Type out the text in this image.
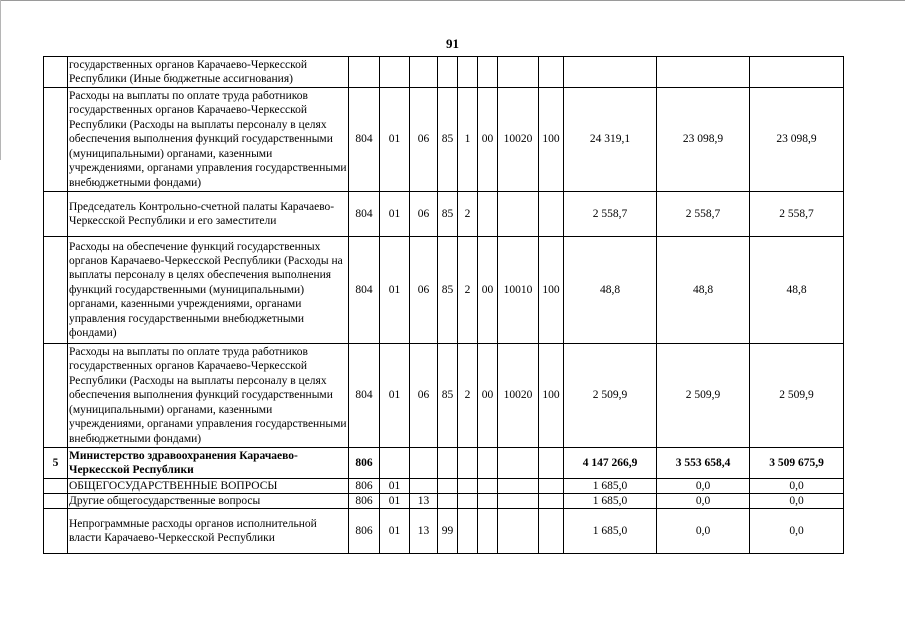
91
	государственных органов Карачаево-Черкесской Республики (Иные бюджетные ассигнования)											
	Расходы на выплаты по оплате труда работников государственных органов Карачаево-Черкесской Республики (Расходы на выплаты персоналу в целях обеспечения выполнения функций государственными (муниципальными) органами, казенными учреждениями, органами управления государственными внебюджетными фондами)	804	01	06	85	1	00	10020	100	24 319,1	23 098,9	23 098,9
	Председатель Контрольно-счетной палаты Карачаево-Черкесской Республики и его заместители	804	01	06	85	2				2 558,7	2 558,7	2 558,7
	Расходы на обеспечение функций государственных органов Карачаево-Черкесской Республики (Расходы на выплаты персоналу в целях обеспечения выполнения функций государственными (муниципальными) органами, казенными учреждениями, органами управления государственными внебюджетными фондами)	804	01	06	85	2	00	10010	100	48,8	48,8	48,8
	Расходы на выплаты по оплате труда работников государственных органов Карачаево-Черкесской Республики (Расходы на выплаты персоналу в целях обеспечения выполнения функций государственными (муниципальными) органами, казенными учреждениями, органами управления государственными внебюджетными фондами)	804	01	06	85	2	00	10020	100	2 509,9	2 509,9	2 509,9
5	Министерство здравоохранения Карачаево-Черкесской Республики	806								4 147 266,9	3 553 658,4	3 509 675,9
	ОБЩЕГОСУДАРСТВЕННЫЕ ВОПРОСЫ	806	01							1 685,0	0,0	0,0
	Другие общегосударственные вопросы	806	01	13						1 685,0	0,0	0,0
	Непрограммные расходы органов исполнительной власти Карачаево-Черкесской Республики	806	01	13	99					1 685,0	0,0	0,0
